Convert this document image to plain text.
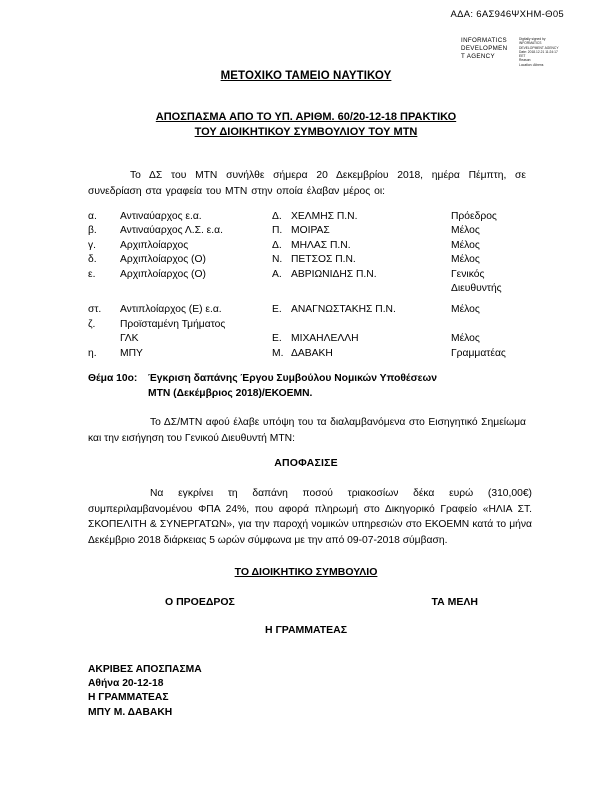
ΑΔΑ: 6ΑΣ946ΨΧΗΜ-Θ05
INFORMATICS
DEVELOPMEN
T AGENCY
Digitally signed by
INFORMATICS
DEVELOPMENT AGENCY
Date: 2018.12.21 11:24:17
EET
Reason:
Location: Athens
ΜΕΤΟΧΙΚΟ ΤΑΜΕΙΟ ΝΑΥΤΙΚΟΥ
ΑΠΟΣΠΑΣΜΑ ΑΠΟ ΤΟ ΥΠ. ΑΡΙΘΜ. 60/20-12-18 ΠΡΑΚΤΙΚΟ
ΤΟΥ ΔΙΟΙΚΗΤΙΚΟΥ ΣΥΜΒΟΥΛΙΟΥ ΤΟΥ ΜΤΝ
Το ΔΣ του ΜΤΝ συνήλθε σήμερα 20 Δεκεμβρίου 2018, ημέρα Πέμπτη, σε συνεδρίαση στα γραφεία του ΜΤΝ στην οποία έλαβαν μέρος οι:
α.	Αντιναύαρχος ε.α.	Δ. ΧΕΛΜΗΣ Π.Ν.	Πρόεδρος
β.	Αντιναύαρχος Λ.Σ. ε.α.	Π. ΜΟΙΡΑΣ	Μέλος
γ.	Αρχιπλοίαρχος	Δ. ΜΗΛΑΣ Π.Ν.	Μέλος
δ.	Αρχιπλοίαρχος (Ο)	Ν. ΠΕΤΣΟΣ Π.Ν.	Μέλος
ε.	Αρχιπλοίαρχος (Ο)	Α. ΑΒΡΙΩΝΙΔΗΣ Π.Ν.	Γενικός
Διευθυντής
στ.	Αντιπλοίαρχος (Ε) ε.α.	Ε. ΑΝΑΓΝΩΣΤΑΚΗΣ Π.Ν.	Μέλος
ζ.	Προϊσταμένη Τμήματος
ΓΛΚ	Ε. ΜΙΧΑΗΛΕΛΛΗ	Μέλος
η.	ΜΠΥ	Μ. ΔΑΒΑΚΗ	Γραμματέας
Θέμα 10ο:	Έγκριση δαπάνης Έργου Συμβούλου Νομικών Υποθέσεων
ΜΤΝ (Δεκέμβριος 2018)/ΕΚΟΕΜΝ.
Το ΔΣ/ΜΤΝ αφού έλαβε υπόψη του τα διαλαμβανόμενα στο Εισηγητικό Σημείωμα και την εισήγηση του Γενικού Διευθυντή ΜΤΝ:
ΑΠΟΦΑΣΙΣΕ
Να εγκρίνει τη δαπάνη ποσού τριακοσίων δέκα ευρώ (310,00€) συμπεριλαμβανομένου ΦΠΑ 24%, που αφορά πληρωμή στο Δικηγορικό Γραφείο «ΗΛΙΑ ΣΤ. ΣΚΟΠΕΛΙΤΗ & ΣΥΝΕΡΓΑΤΩΝ», για την παροχή νομικών υπηρεσιών στο ΕΚΟΕΜΝ κατά το μήνα Δεκέμβριο 2018 διάρκειας 5 ωρών σύμφωνα με την από 09-07-2018 σύμβαση.
ΤΟ ΔΙΟΙΚΗΤΙΚΟ ΣΥΜΒΟΥΛΙΟ
Ο ΠΡΟΕΔΡΟΣ	ΤΑ ΜΕΛΗ
Η ΓΡΑΜΜΑΤΕΑΣ
ΑΚΡΙΒΕΣ ΑΠΟΣΠΑΣΜΑ
Αθήνα 20-12-18
Η ΓΡΑΜΜΑΤΕΑΣ
ΜΠΥ Μ. ΔΑΒΑΚΗ
